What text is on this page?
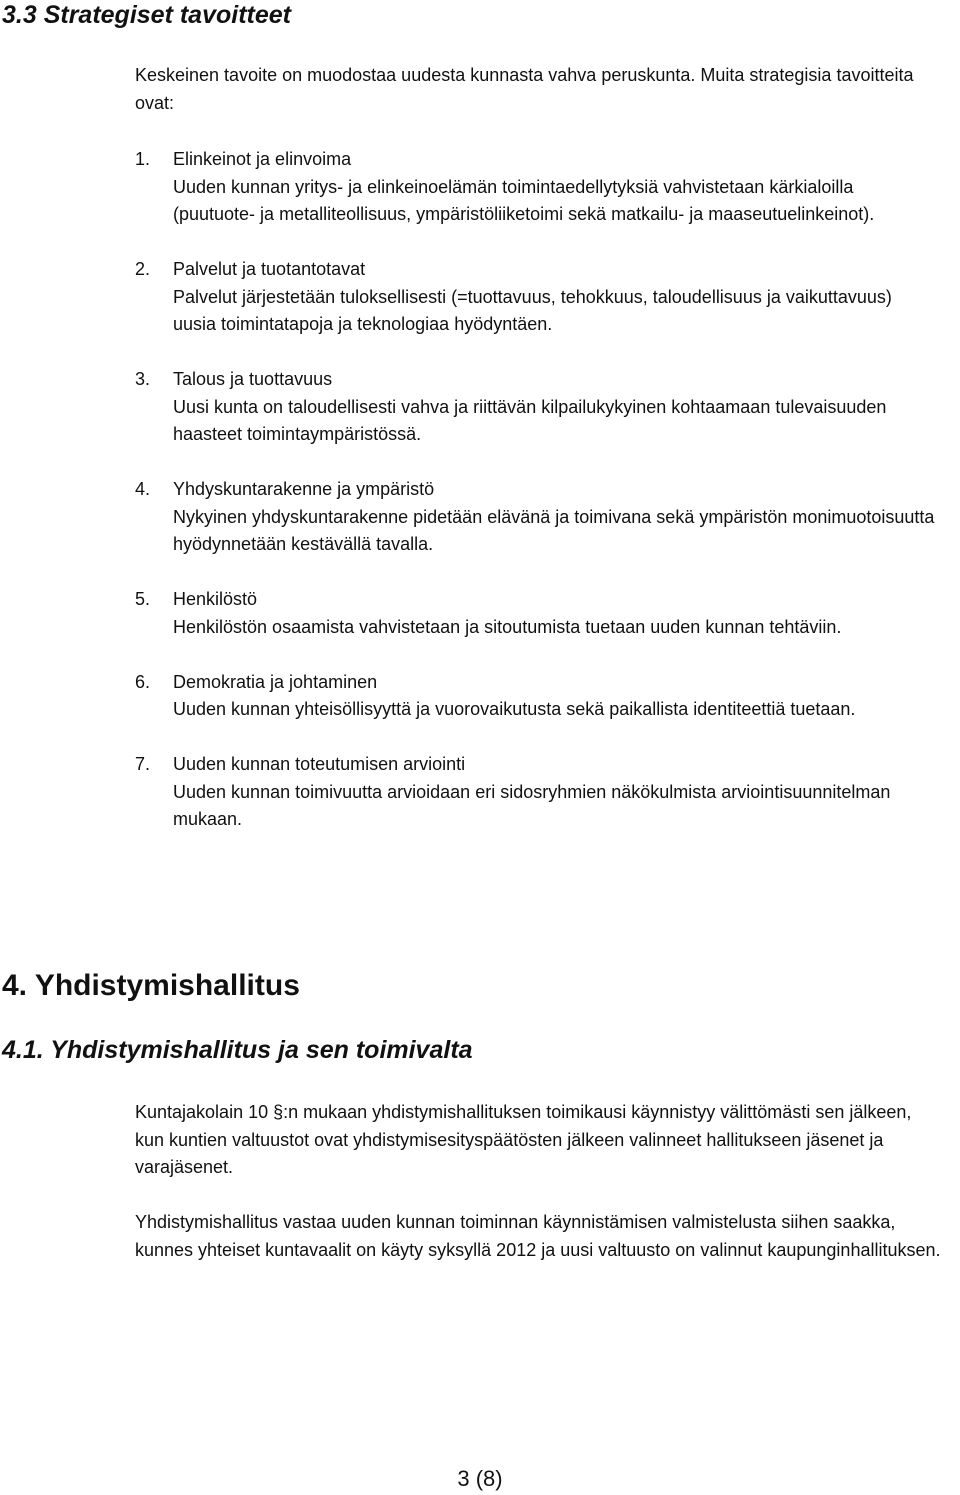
3.3 Strategiset tavoitteet

Keskeinen tavoite on muodostaa uudesta kunnasta vahva peruskunta. Muita strategisia tavoitteita ovat:

1. Elinkeinot ja elinvoima
Uuden kunnan yritys- ja elinkeinoelämän toimintaedellytyksiä vahvistetaan kärkialoilla (puutuote- ja metalliteollisuus, ympäristöliiketoimi sekä matkailu- ja maaseutuelinkeinot).
2. Palvelut ja tuotantotavat
Palvelut järjestetään tuloksellisesti (=tuottavuus, tehokkuus, taloudellisuus ja vaikuttavuus) uusia toimintatapoja ja teknologiaa hyödyntäen.
3. Talous ja tuottavuus
Uusi kunta on taloudellisesti vahva ja riittävän kilpailukykyinen kohtaamaan tulevaisuuden haasteet toimintaympäristössä.
4. Yhdyskuntarakenne ja ympäristö
Nykyinen yhdyskuntarakenne pidetään elävänä ja toimivana sekä ympäristön monimuotoisuutta hyödynnetään kestävällä tavalla.
5. Henkilöstö
Henkilöstön osaamista vahvistetaan ja sitoutumista tuetaan uuden kunnan tehtäviin.
6. Demokratia ja johtaminen
Uuden kunnan yhteisöllisyyttä ja vuorovaikutusta sekä paikallista identiteettiä tuetaan.
7. Uuden kunnan toteutumisen arviointi
Uuden kunnan toimivuutta arvioidaan eri sidosryhmien näkökulmista arviointisuunnitelman mukaan.
4. Yhdistymishallitus
4.1. Yhdistymishallitus ja sen toimivalta

Kuntajakolain 10 §:n mukaan yhdistymishallituksen toimikausi käynnistyy välittömästi sen jälkeen, kun kuntien valtuustot ovat yhdistymisesityspäätösten jälkeen valinneet hallitukseen jäsenet ja varajäsenet.

Yhdistymishallitus vastaa uuden kunnan toiminnan käynnistämisen valmistelusta siihen saakka, kunnes yhteiset kuntavaalit on käyty syksyllä 2012 ja uusi valtuusto on valinnut kaupunginhallituksen.

3 (8)
